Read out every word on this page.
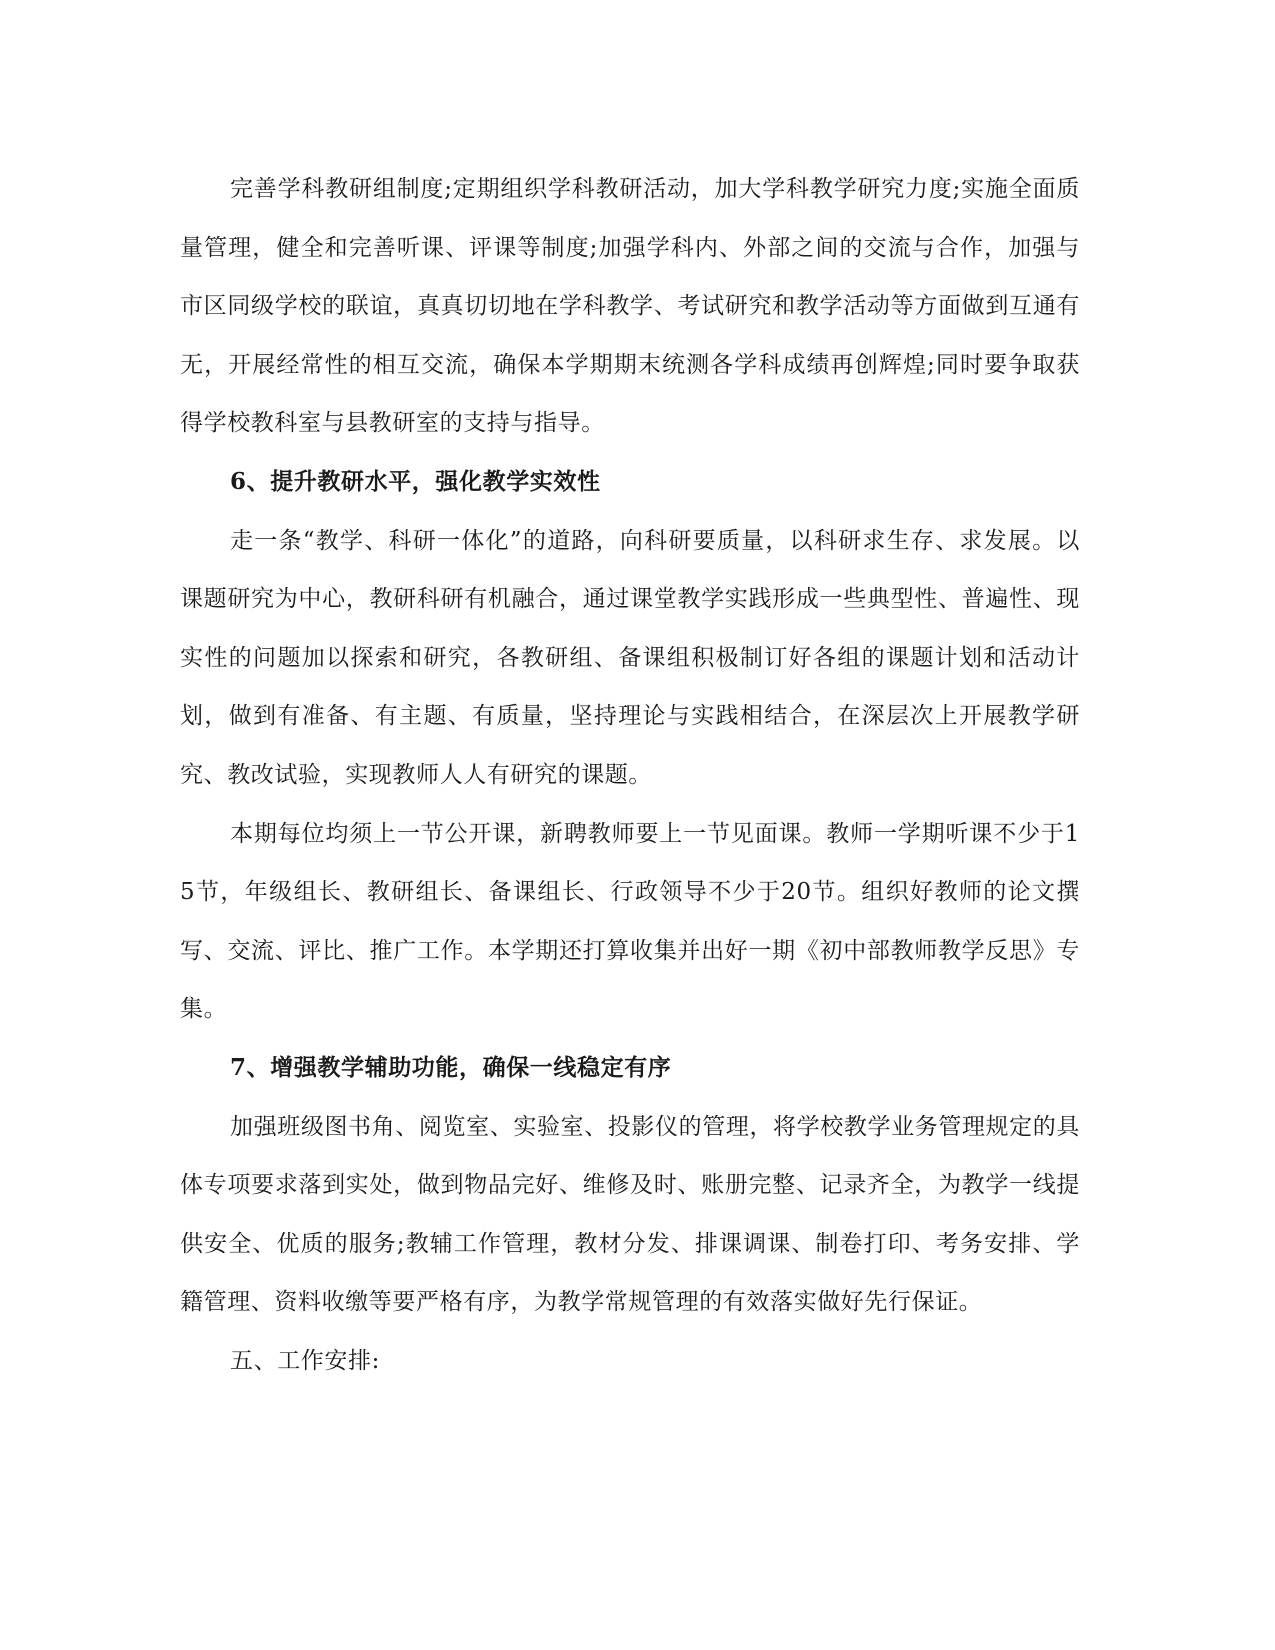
完善学科教研组制度;定期组织学科教研活动，加大学科教学研究力度;实施全面质量管理，健全和完善听课、评课等制度;加强学科内、外部之间的交流与合作，加强与市区同级学校的联谊，真真切切地在学科教学、考试研究和教学活动等方面做到互通有无，开展经常性的相互交流，确保本学期期末统测各学科成绩再创辉煌;同时要争取获得学校教科室与县教研室的支持与指导。

6、提升教研水平，强化教学实效性

走一条“教学、科研一体化”的道路，向科研要质量，以科研求生存、求发展。以课题研究为中心，教研科研有机融合，通过课堂教学实践形成一些典型性、普遍性、现实性的问题加以探索和研究，各教研组、备课组积极制订好各组的课题计划和活动计划，做到有准备、有主题、有质量，坚持理论与实践相结合，在深层次上开展教学研究、教改试验，实现教师人人有研究的课题。

本期每位均须上一节公开课，新聘教师要上一节见面课。教师一学期听课不少于15节，年级组长、教研组长、备课组长、行政领导不少于20节。组织好教师的论文撰写、交流、评比、推广工作。本学期还打算收集并出好一期《初中部教师教学反思》专集。

7、增强教学辅助功能，确保一线稳定有序

加强班级图书角、阅览室、实验室、投影仪的管理，将学校教学业务管理规定的具体专项要求落到实处，做到物品完好、维修及时、账册完整、记录齐全，为教学一线提供安全、优质的服务;教辅工作管理，教材分发、排课调课、制卷打印、考务安排、学籍管理、资料收缴等要严格有序，为教学常规管理的有效落实做好先行保证。

五、工作安排:
